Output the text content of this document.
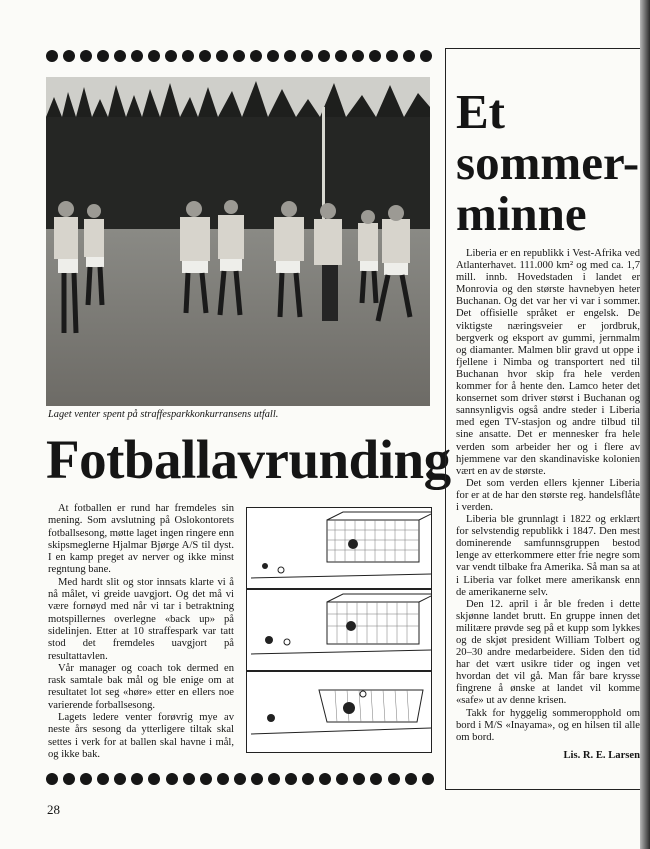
Laget venter spent på straffesparkkonkurransens utfall.
Fotballavrunding

At fotballen er rund har fremdeles sin mening. Som avslutning på Oslokontorets fotballsesong, møtte laget ingen ringere enn skipsmeglerne Hjalmar Bjørge A/S til dyst. I en kamp preget av nerver og ikke minst regntung bane.

Med hardt slit og stor innsats klarte vi å nå målet, vi greide uavgjort. Og det må vi være fornøyd med når vi tar i betraktning motspillernes overlegne «back up» på sidelinjen. Etter at 10 straffespark var tatt stod det fremdeles uavgjort på resultattavlen.

Vår manager og coach tok dermed en rask samtale bak mål og ble enige om at resultatet lot seg «høre» etter en ellers noe varierende forballsesong.

Lagets ledere venter forøvrig mye av neste års sesong da ytterligere tiltak skal settes i verk for at ballen skal havne i mål, og ikke bak.

Et
sommer-
minne

Liberia er en republikk i Vest-Afrika ved Atlanterhavet. 111.000 km² og med ca. 1,7 mill. innb. Hovedstaden i landet er Monrovia og den største havnebyen heter Buchanan. Og det var her vi var i sommer. Det offisielle språket er engelsk. De viktigste næringsveier er jordbruk, bergverk og eksport av gummi, jernmalm og diamanter. Malmen blir gravd ut oppe i fjellene i Nimba og transportert ned til Buchanan hvor skip fra hele verden kommer for å hente den. Lamco heter det konsernet som driver størst i Buchanan og sannsynligvis også andre steder i Liberia med egen TV-stasjon og andre tilbud til sine ansatte. Det er mennesker fra hele verden som arbeider her og i flere av hjemmene var den skandinaviske kolonien vært en av de største.

Det som verden ellers kjenner Liberia for er at de har den største reg. handelsflåte i verden.

Liberia ble grunnlagt i 1822 og erklært for selvstendig republikk i 1847. Den mest dominerende samfunnsgruppen bestod lenge av etterkommere etter frie negre som var vendt tilbake fra Amerika. Så man sa at i Liberia var folket mere amerikansk enn de amerikanerne selv.

Den 12. april i år ble freden i dette skjønne landet brutt. En gruppe innen det militære prøvde seg på et kupp som lykkes og de skjøt president William Tolbert og 20–30 andre medarbeidere. Siden den tid har det vært usikre tider og ingen vet hvordan det vil gå. Man får bare krysse fingrene å ønske at landet vil komme «safe» ut av denne krisen.

Takk for hyggelig sommeropphold om bord i M/S «Inayama», og en hilsen til alle om bord.

Lis. R. E. Larsen
28
